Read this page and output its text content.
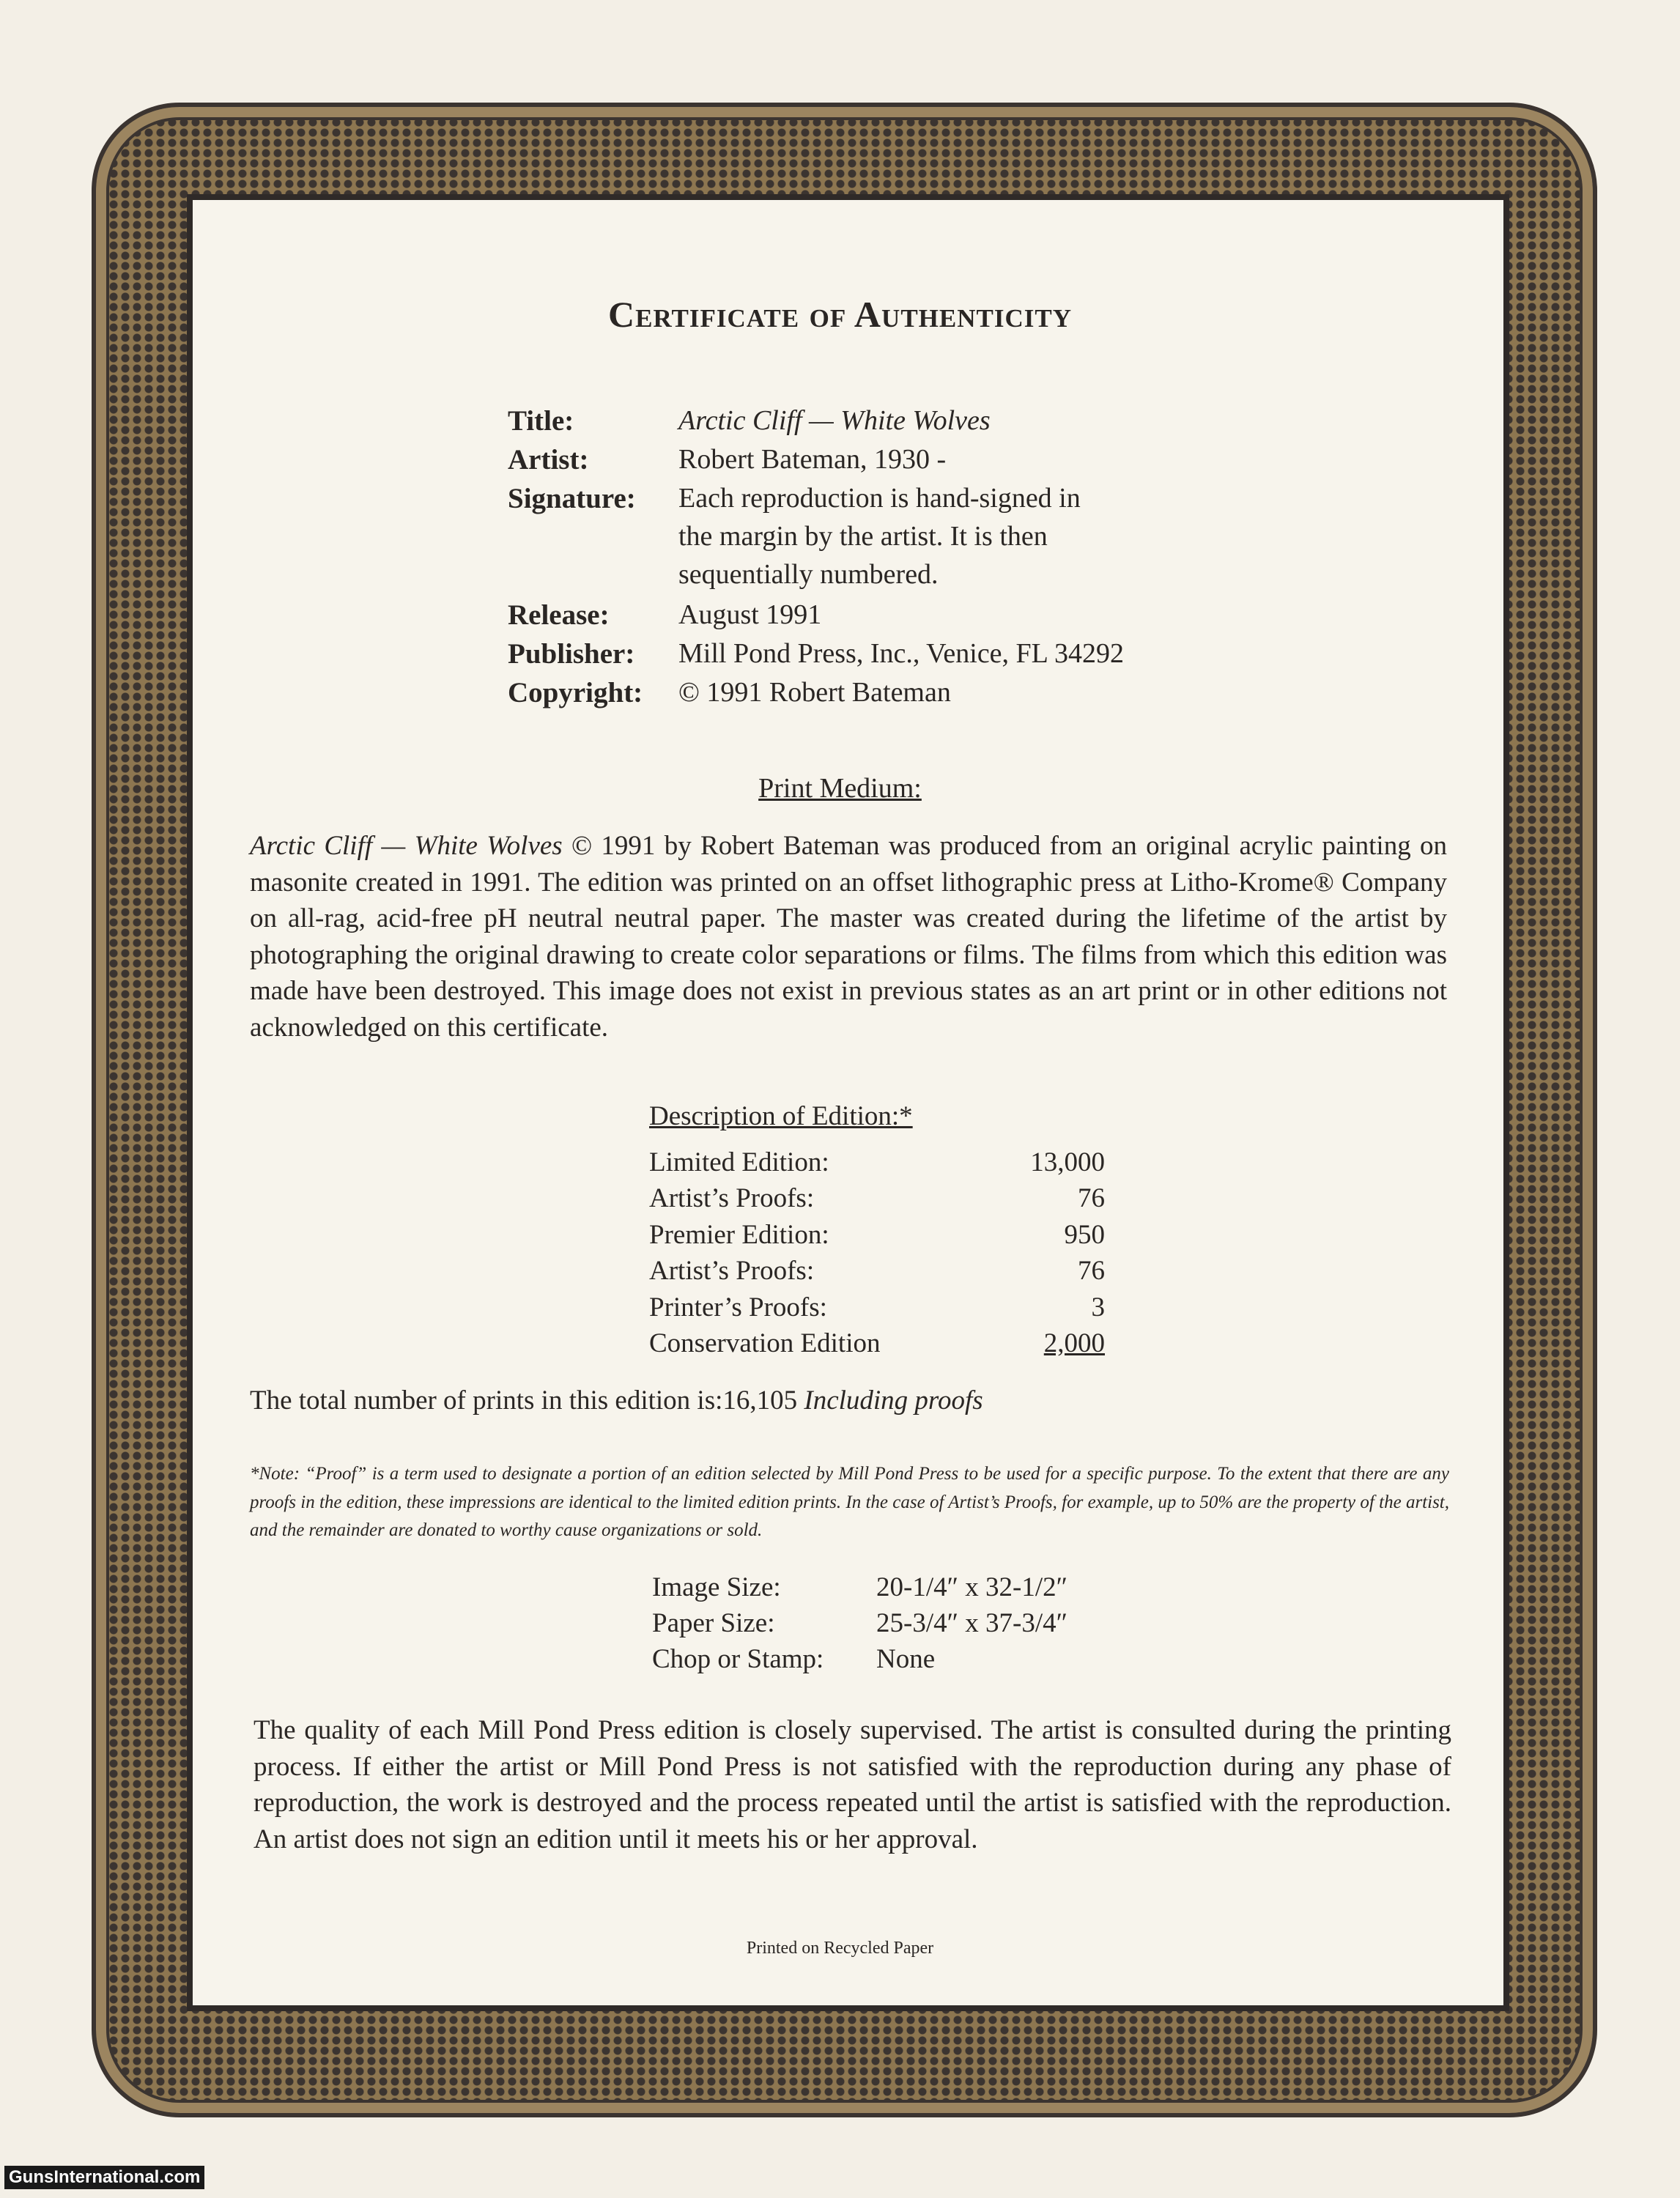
Certificate of Authenticity
Title:	Arctic Cliff — White Wolves
Artist:	Robert Bateman, 1930 -
Signature: Each reproduction is hand-signed in
the margin by the artist. It is then
sequentially numbered.
Release: August 1991
Publisher: Mill Pond Press, Inc., Venice, FL 34292
Copyright: © 1991 Robert Bateman
Print Medium:
Arctic Cliff — White Wolves © 1991 by Robert Bateman was produced from an original acrylic painting on masonite created in 1991. The edition was printed on an offset lithographic press at Litho-Krome® Company on all-rag, acid-free pH neutral neutral paper. The master was created during the lifetime of the artist by photographing the original drawing to create color separations or films. The films from which this edition was made have been destroyed. This image does not exist in previous states as an art print or in other editions not acknowledged on this certificate.
Description of Edition:*
Limited Edition:	13,000
Artist’s Proofs:	76
Premier Edition:	950
Artist’s Proofs:	76
Printer’s Proofs:	3
Conservation Edition	2,000
The total number of prints in this edition is:16,105 Including proofs
*Note: “Proof” is a term used to designate a portion of an edition selected by Mill Pond Press to be used for a specific purpose. To the extent that there are any proofs in the edition, these impressions are identical to the limited edition prints. In the case of Artist’s Proofs, for example, up to 50% are the property of the artist, and the remainder are donated to worthy cause organizations or sold.
Image Size:	20-1/4″ x 32-1/2″
Paper Size:	25-3/4″ x 37-3/4″
Chop or Stamp: None
The quality of each Mill Pond Press edition is closely supervised. The artist is consulted during the printing process. If either the artist or Mill Pond Press is not satisfied with the reproduction during any phase of reproduction, the work is destroyed and the process repeated until the artist is satisfied with the reproduction. An artist does not sign an edition until it meets his or her approval.
Printed on Recycled Paper
GunsInternational.com
